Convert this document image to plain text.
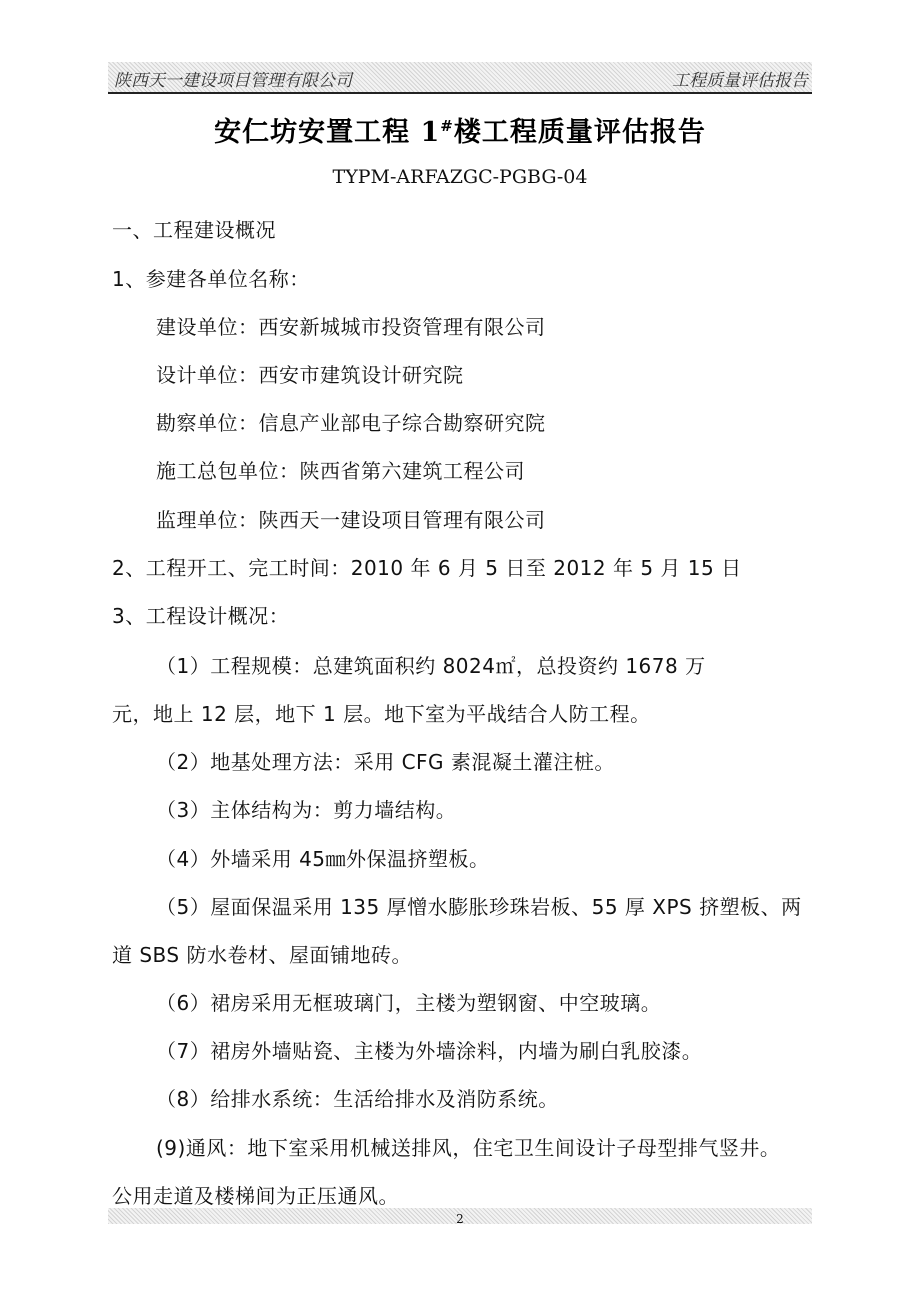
陕西天一建设项目管理有限公司	工程质量评估报告
安仁坊安置工程 1#楼工程质量评估报告
TYPM-ARFAZGC-PGBG-04
一、工程建设概况
1、参建各单位名称：
建设单位：西安新城城市投资管理有限公司
设计单位：西安市建筑设计研究院
勘察单位：信息产业部电子综合勘察研究院
施工总包单位：陕西省第六建筑工程公司
监理单位：陕西天一建设项目管理有限公司
2、工程开工、完工时间：2010 年 6 月 5 日至 2012 年 5 月 15 日
3、工程设计概况：
（1）工程规模：总建筑面积约 8024㎡，总投资约 1678 万
元，地上 12 层，地下 1 层。地下室为平战结合人防工程。
（2）地基处理方法：采用 CFG 素混凝土灌注桩。
（3）主体结构为：剪力墙结构。
（4）外墙采用 45㎜外保温挤塑板。
（5）屋面保温采用 135 厚憎水膨胀珍珠岩板、55 厚 XPS 挤塑板、两
道 SBS 防水卷材、屋面铺地砖。
（6）裙房采用无框玻璃门，主楼为塑钢窗、中空玻璃。
（7）裙房外墙贴瓷、主楼为外墙涂料，内墙为刷白乳胶漆。
（8）给排水系统：生活给排水及消防系统。
(9)通风：地下室采用机械送排风，住宅卫生间设计子母型排气竖井。
公用走道及楼梯间为正压通风。
2
